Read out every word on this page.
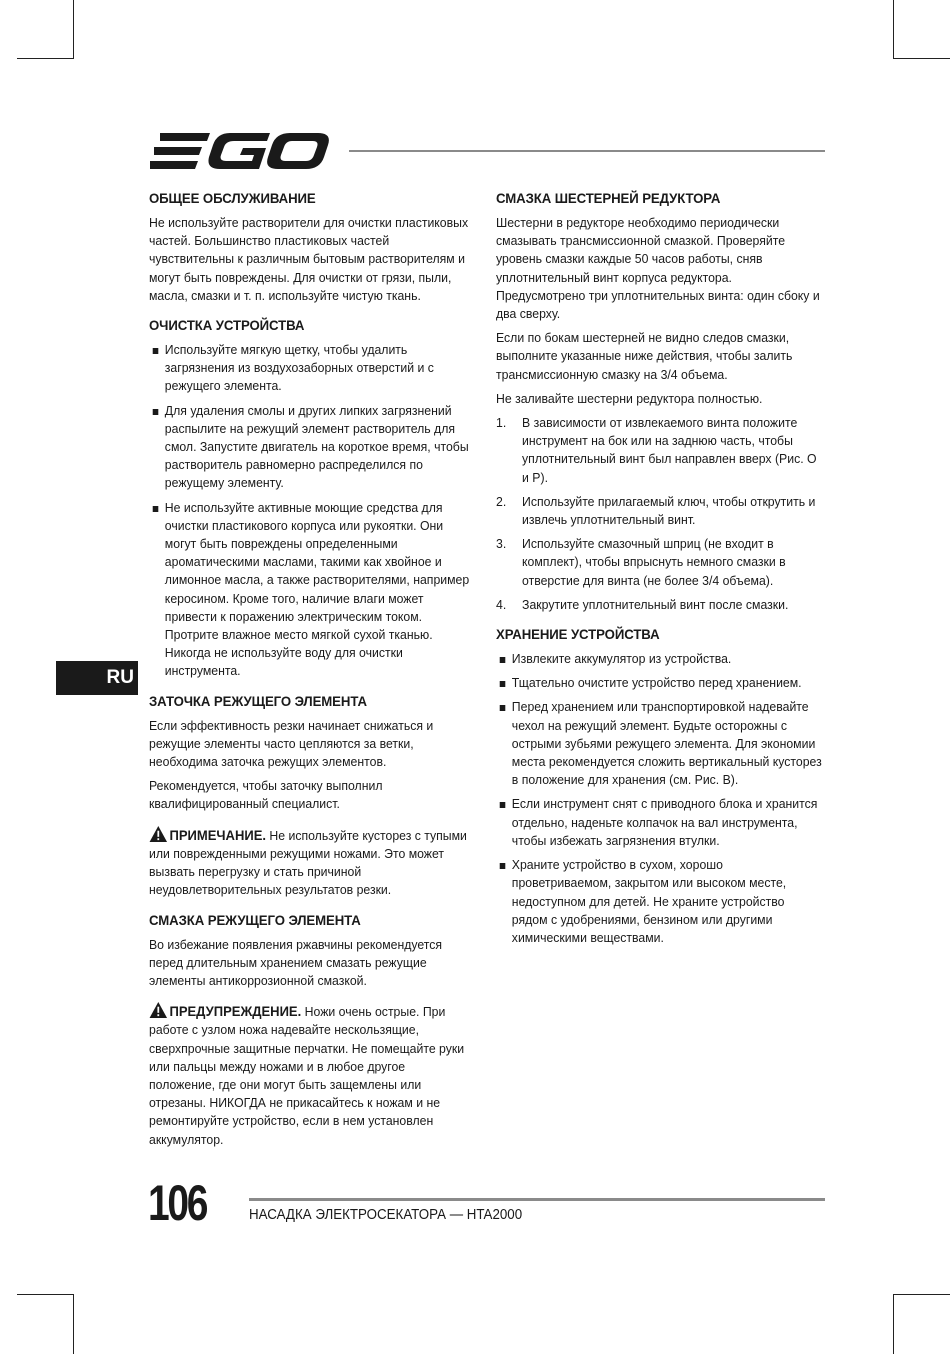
RU
ОБЩЕЕ ОБСЛУЖИВАНИЕ

Не используйте растворители для очистки пластиковых частей. Большинство пластиковых частей чувствительны к различным бытовым растворителям и могут быть повреждены. Для очистки от грязи, пыли, масла, смазки и т. п. используйте чистую ткань.

ОЧИСТКА УСТРОЙСТВА
Используйте мягкую щетку, чтобы удалить загрязнения из воздухозаборных отверстий и с режущего элемента.
Для удаления смолы и других липких загрязнений распылите на режущий элемент растворитель для смол. Запустите двигатель на короткое время, чтобы растворитель равномерно распределился по режущему элементу.
Не используйте активные моющие средства для очистки пластикового корпуса или рукоятки. Они могут быть повреждены определенными ароматическими маслами, такими как хвойное и лимонное масла, а также растворителями, например керосином. Кроме того, наличие влаги может привести к поражению электрическим током. Протрите влажное место мягкой сухой тканью. Никогда не используйте воду для очистки инструмента.
ЗАТОЧКА РЕЖУЩЕГО ЭЛЕМЕНТА

Если эффективность резки начинает снижаться и режущие элементы часто цепляются за ветки, необходима заточка режущих элементов.

Рекомендуется, чтобы заточку выполнил квалифицированный специалист.

ПРИМЕЧАНИЕ. Не используйте кусторез с тупыми или поврежденными режущими ножами. Это может вызвать перегрузку и стать причиной неудовлетворительных результатов резки.

СМАЗКА РЕЖУЩЕГО ЭЛЕМЕНТА

Во избежание появления ржавчины рекомендуется перед длительным хранением смазать режущие элементы антикоррозионной смазкой.

ПРЕДУПРЕЖДЕНИЕ. Ножи очень острые. При работе с узлом ножа надевайте нескользящие, сверхпрочные защитные перчатки. Не помещайте руки или пальцы между ножами и в любое другое положение, где они могут быть защемлены или отрезаны. НИКОГДА не прикасайтесь к ножам и не ремонтируйте устройство, если в нем установлен аккумулятор.

СМАЗКА ШЕСТЕРНЕЙ РЕДУКТОРА

Шестерни в редукторе необходимо периодически смазывать трансмиссионной смазкой. Проверяйте уровень смазки каждые 50 часов работы, сняв уплотнительный винт корпуса редуктора. Предусмотрено три уплотнительных винта: один сбоку и два сверху.

Если по бокам шестерней не видно следов смазки, выполните указанные ниже действия, чтобы залить трансмиссионную смазку на 3/4 объема.

Не заливайте шестерни редуктора полностью.

1. В зависимости от извлекаемого винта положите инструмент на бок или на заднюю часть, чтобы уплотнительный винт был направлен вверх (Рис. O и P).
2. Используйте прилагаемый ключ, чтобы открутить и извлечь уплотнительный винт.
3. Используйте смазочный шприц (не входит в комплект), чтобы впрыснуть немного смазки в отверстие для винта (не более 3/4 объема).
4. Закрутите уплотнительный винт после смазки.
ХРАНЕНИЕ УСТРОЙСТВА
Извлеките аккумулятор из устройства.
Тщательно очистите устройство перед хранением.
Перед хранением или транспортировкой надевайте чехол на режущий элемент. Будьте осторожны с острыми зубьями режущего элемента. Для экономии места рекомендуется сложить вертикальный кусторез в положение для хранения (см. Рис. B).
Если инструмент снят с приводного блока и хранится отдельно, наденьте колпачок на вал инструмента, чтобы избежать загрязнения втулки.
Храните устройство в сухом, хорошо проветриваемом, закрытом или высоком месте, недоступном для детей. Не храните устройство рядом с удобрениями, бензином или другими химическими веществами.
106	НАСАДКА ЭЛЕКТРОСЕКАТОРА — HTA2000
